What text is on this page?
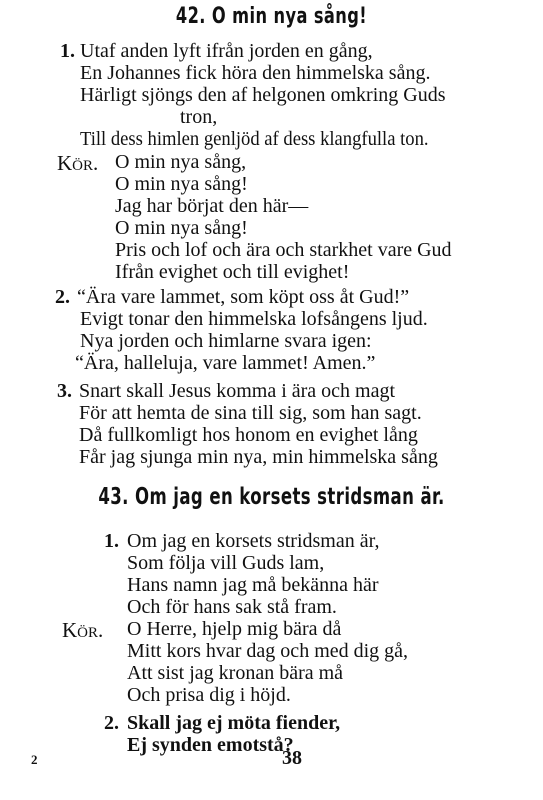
42. O min nya sång!
1. Utaf anden lyft ifrån jorden en gång,
En Johannes fick höra den himmelska sång.
Härligt sjöngs den af helgonen omkring Guds
tron,
Till dess himlen genljöd af dess klangfulla ton.
Kör. O min nya sång,
O min nya sång!
Jag har börjat den här—
O min nya sång!
Pris och lof och ära och starkhet vare Gud
Ifrån evighet och till evighet!
2. “Ära vare lammet, som köpt oss åt Gud!”
Evigt tonar den himmelska lofsångens ljud.
Nya jorden och himlarne svara igen:
“Ära, halleluja, vare lammet! Amen.”
3. Snart skall Jesus komma i ära och magt
För att hemta de sina till sig, som han sagt.
Då fullkomligt hos honom en evighet lång
Får jag sjunga min nya, min himmelska sång
43. Om jag en korsets stridsman är.
1. Om jag en korsets stridsman är,
Som följa vill Guds lam,
Hans namn jag må bekänna här
Och för hans sak stå fram.
Kör. O Herre, hjelp mig bära då
Mitt kors hvar dag och med dig gå,
Att sist jag kronan bära må
Och prisa dig i höjd.
2. Skall jag ej möta fiender,
Ej synden emotstå?
2	38
